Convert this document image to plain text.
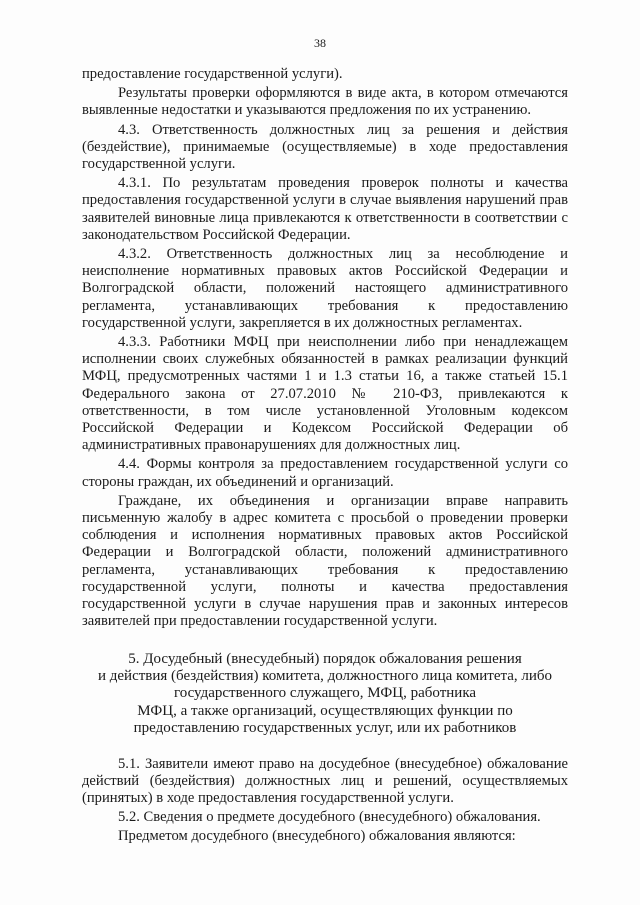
38

предоставление государственной услуги).

Результаты проверки оформляются в виде акта, в котором отмечаются выявленные недостатки и указываются предложения по их устранению.

4.3. Ответственность должностных лиц за решения и действия (бездействие), принимаемые (осуществляемые) в ходе предоставления государственной услуги.

4.3.1. По результатам проведения проверок полноты и качества предоставления государственной услуги в случае выявления нарушений прав заявителей виновные лица привлекаются к ответственности в соответствии с законодательством Российской Федерации.

4.3.2. Ответственность должностных лиц за несоблюдение и неисполнение нормативных правовых актов Российской Федерации и Волгоградской области, положений настоящего административного регламента, устанавливающих требования к предоставлению государственной услуги, закрепляется в их должностных регламентах.

4.3.3. Работники МФЦ при неисполнении либо при ненадлежащем исполнении своих служебных обязанностей в рамках реализации функций МФЦ, предусмотренных частями 1 и 1.3 статьи 16, а также статьей 15.1 Федерального закона от 27.07.2010 № 210-ФЗ, привлекаются к ответственности, в том числе установленной Уголовным кодексом Российской Федерации и Кодексом Российской Федерации об административных правонарушениях для должностных лиц.

4.4. Формы контроля за предоставлением государственной услуги со стороны граждан, их объединений и организаций.

Граждане, их объединения и организации вправе направить письменную жалобу в адрес комитета с просьбой о проведении проверки соблюдения и исполнения нормативных правовых актов Российской Федерации и Волгоградской области, положений административного регламента, устанавливающих требования к предоставлению государственной услуги, полноты и качества предоставления государственной услуги в случае нарушения прав и законных интересов заявителей при предоставлении государственной услуги.

5. Досудебный (внесудебный) порядок обжалования решения
и действия (бездействия) комитета, должностного лица комитета, либо
государственного служащего, МФЦ, работника
МФЦ, а также организаций, осуществляющих функции по
предоставлению государственных услуг, или их работников

5.1. Заявители имеют право на досудебное (внесудебное) обжалование действий (бездействия) должностных лиц и решений, осуществляемых (принятых) в ходе предоставления государственной услуги.

5.2. Сведения о предмете досудебного (внесудебного) обжалования.

Предметом досудебного (внесудебного) обжалования являются:
